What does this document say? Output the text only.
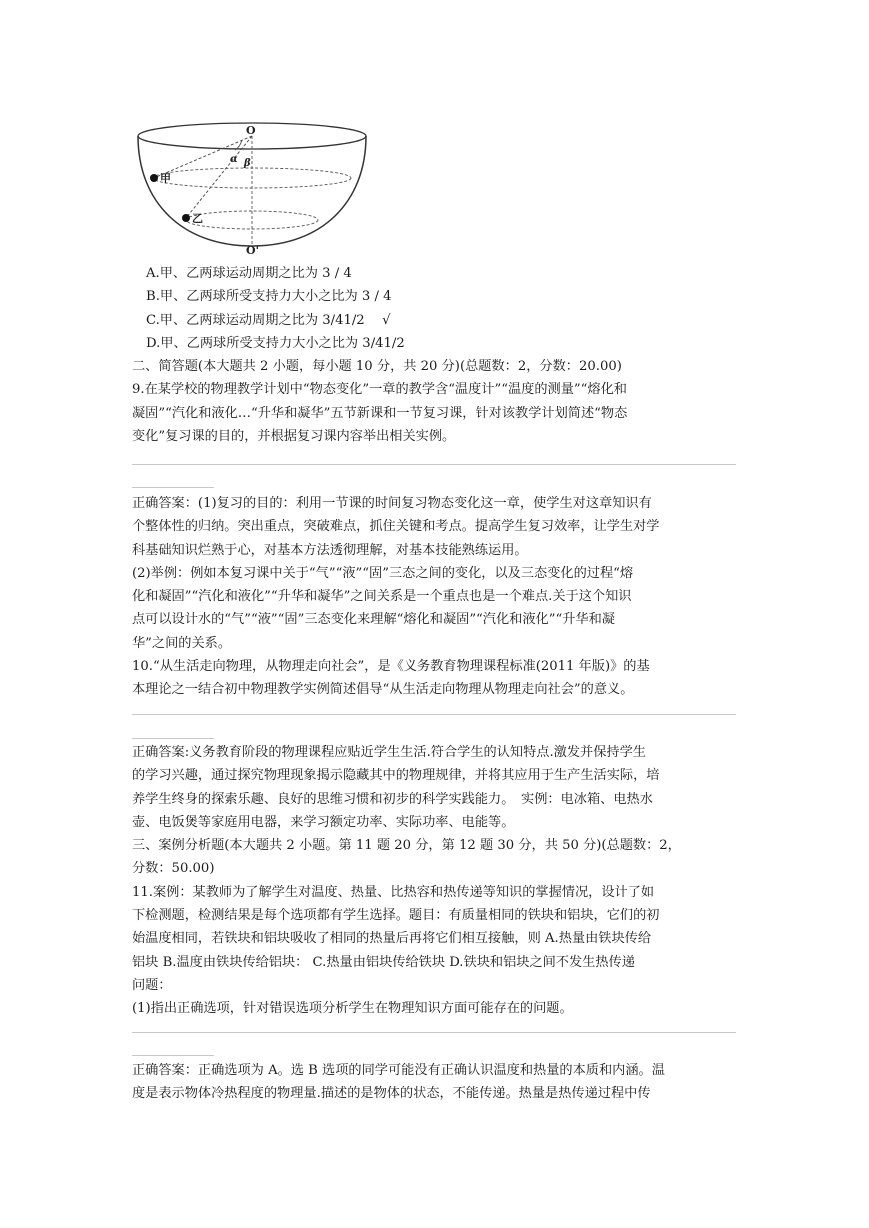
O
O'
甲
乙
α β
A.甲、乙两球运动周期之比为 3 / 4
B.甲、乙两球所受支持力大小之比为 3 / 4
C.甲、乙两球运动周期之比为 3/41/2　 √
D.甲、乙两球所受支持力大小之比为 3/41/2
二、简答题(本大题共 2 小题，每小题 10 分，共 20 分)(总题数：2，分数：20.00)
9.在某学校的物理教学计划中“物态变化”一章的教学含“温度计”“温度的测量”“熔化和
凝固”“汽化和液化…“升华和凝华”五节新课和一节复习课，针对该教学计划简述“物态
变化”复习课的目的，并根据复习课内容举出相关实例。
正确答案：(1)复习的目的：利用一节课的时间复习物态变化这一章，使学生对这章知识有
个整体性的归纳。突出重点，突破难点，抓住关键和考点。提高学生复习效率，让学生对学
科基础知识烂熟于心，对基本方法透彻理解，对基本技能熟练运用。
(2)举例：例如本复习课中关于“气”“液”“固”三态之间的变化，以及三态变化的过程“熔
化和凝固”“汽化和液化”“升华和凝华”之间关系是一个重点也是一个难点.关于这个知识
点可以设计水的“气”“液”“固”三态变化来理解“熔化和凝固”“汽化和液化”“升华和凝
华”之间的关系。
10.“从生活走向物理，从物理走向社会”，是《义务教育物理课程标准(2011 年版)》的基
本理论之一结合初中物理教学实例简述倡导“从生活走向物理从物理走向社会”的意义。
正确答案:义务教育阶段的物理课程应贴近学生生活.符合学生的认知特点.激发并保持学生
的学习兴趣，通过探究物理现象揭示隐藏其中的物理规律，并将其应用于生产生活实际，培
养学生终身的探索乐趣、良好的思维习惯和初步的科学实践能力。　实例：电冰箱、电热水
壶、电饭煲等家庭用电器，来学习额定功率、实际功率、电能等。
三、案例分析题(本大题共 2 小题。第 11 题 20 分，第 12 题 30 分，共 50 分)(总题数：2，
分数：50.00)
11.案例：某教师为了解学生对温度、热量、比热容和热传递等知识的掌握情况，设计了如
下检测题，检测结果是每个选项都有学生选择。题目：有质量相同的铁块和铝块，它们的初
始温度相同，若铁块和铝块吸收了相同的热量后再将它们相互接触，则 A.热量由铁块传给
铝块 B.温度由铁块传给铝块： C.热量由铝块传给铁块 D.铁块和铝块之间不发生热传递
问题：
(1)指出正确选项，针对错误选项分析学生在物理知识方面可能存在的问题。
正确答案：正确选项为 A。选 B 选项的同学可能没有正确认识温度和热量的本质和内涵。温
度是表示物体冷热程度的物理量.描述的是物体的状态，不能传递。热量是热传递过程中传
